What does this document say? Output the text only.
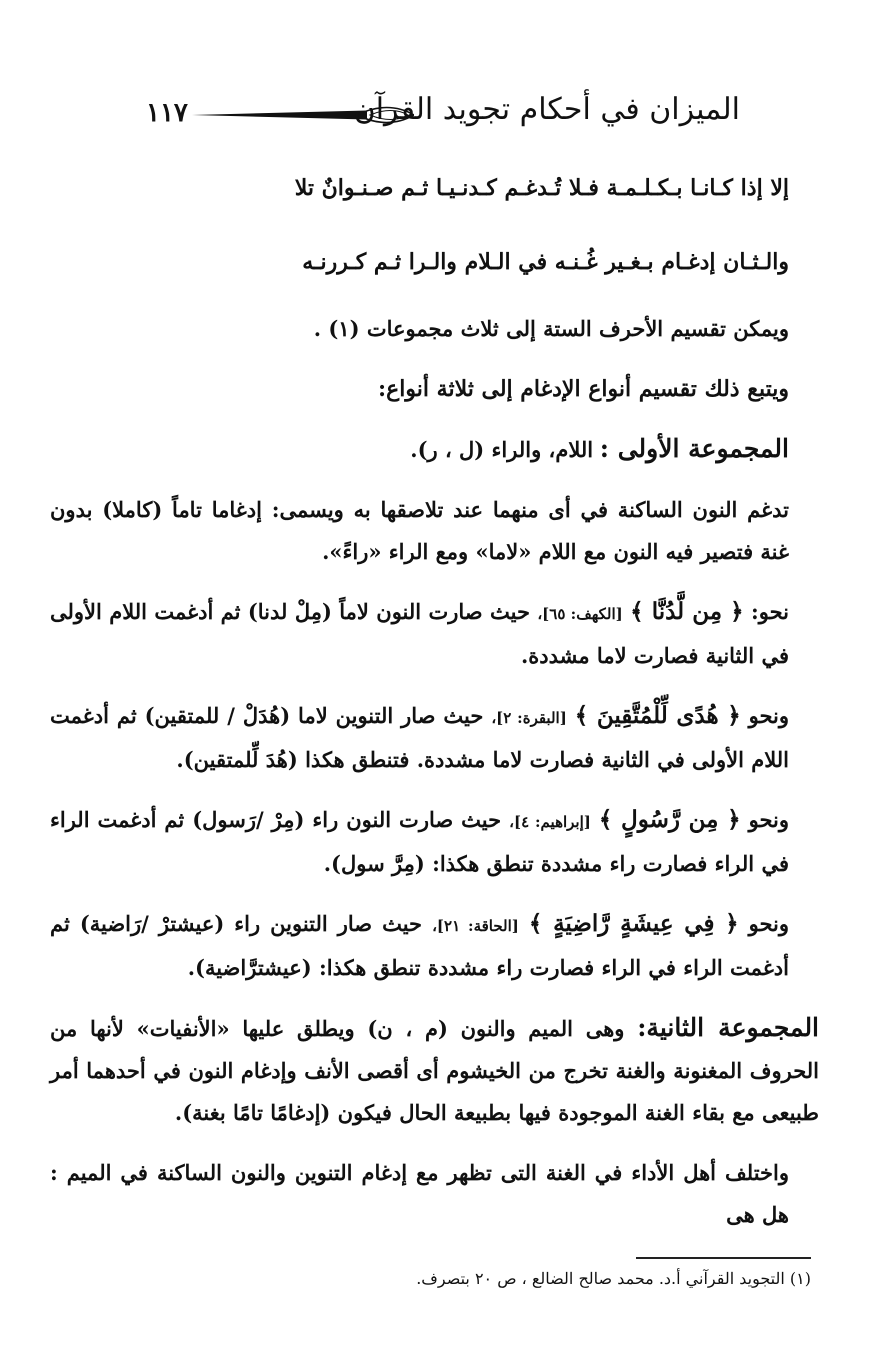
١١٧	الميزان في أحكام تجويد القرآن

إلا إذا كـانـا بـكـلـمـة فـلا تُـدغـم كـدنـيـا ثـم صـنـوانٌ تلا

والـثـان إدغـام بـغـير غُـنـه في الـلام والـرا ثـم كـررنـه

ويمكن تقسيم الأحرف الستة إلى ثلاث مجموعات (١) .

ويتبع ذلك تقسيم أنواع الإدغام إلى ثلاثة أنواع:

المجموعة الأولى : اللام، والراء (ل ، ر).

تدغم النون الساكنة في أى منهما عند تلاصقها به ويسمى: إدغاما تاماً (كاملا) بدون غنة فتصير فيه النون مع اللام «لاما» ومع الراء «راءً».

نحو: ﴿ مِن لَّدُنَّا ﴾ [الكهف: ٦٥]، حيث صارت النون لاماً (مِلْ لدنا) ثم أدغمت اللام الأولى في الثانية فصارت لاما مشددة.

ونحو ﴿ هُدًى لِّلْمُتَّقِينَ ﴾ [البقرة: ٢]، حيث صار التنوين لاما (هُدَلْ / للمتقين) ثم أدغمت اللام الأولى في الثانية فصارت لاما مشددة. فتنطق هكذا (هُدَ لِّلمتقين).

ونحو ﴿ مِن رَّسُولٍ ﴾ [إبراهيم: ٤]، حيث صارت النون راء (مِرْ /رَسول) ثم أدغمت الراء في الراء فصارت راء مشددة تنطق هكذا: (مِرَّ سول).

ونحو ﴿ فِي عِيشَةٍ رَّاضِيَةٍ ﴾ [الحاقة: ٢١]، حيث صار التنوين راء (عيشترْ /رَاضية) ثم أدغمت الراء في الراء فصارت راء مشددة تنطق هكذا: (عيشترَّاضية).

المجموعة الثانية: وهى الميم والنون (م ، ن) ويطلق عليها «الأنفيات» لأنها من الحروف المغنونة والغنة تخرج من الخيشوم أى أقصى الأنف وإدغام النون في أحدهما أمر طبيعى مع بقاء الغنة الموجودة فيها بطبيعة الحال فيكون (إدغامًا تامًا بغنة).

واختلف أهل الأداء في الغنة التى تظهر مع إدغام التنوين والنون الساكنة في الميم : هل هى

(١) التجويد القرآني أ.د. محمد صالح الضالع ، ص ٢٠ بتصرف.
